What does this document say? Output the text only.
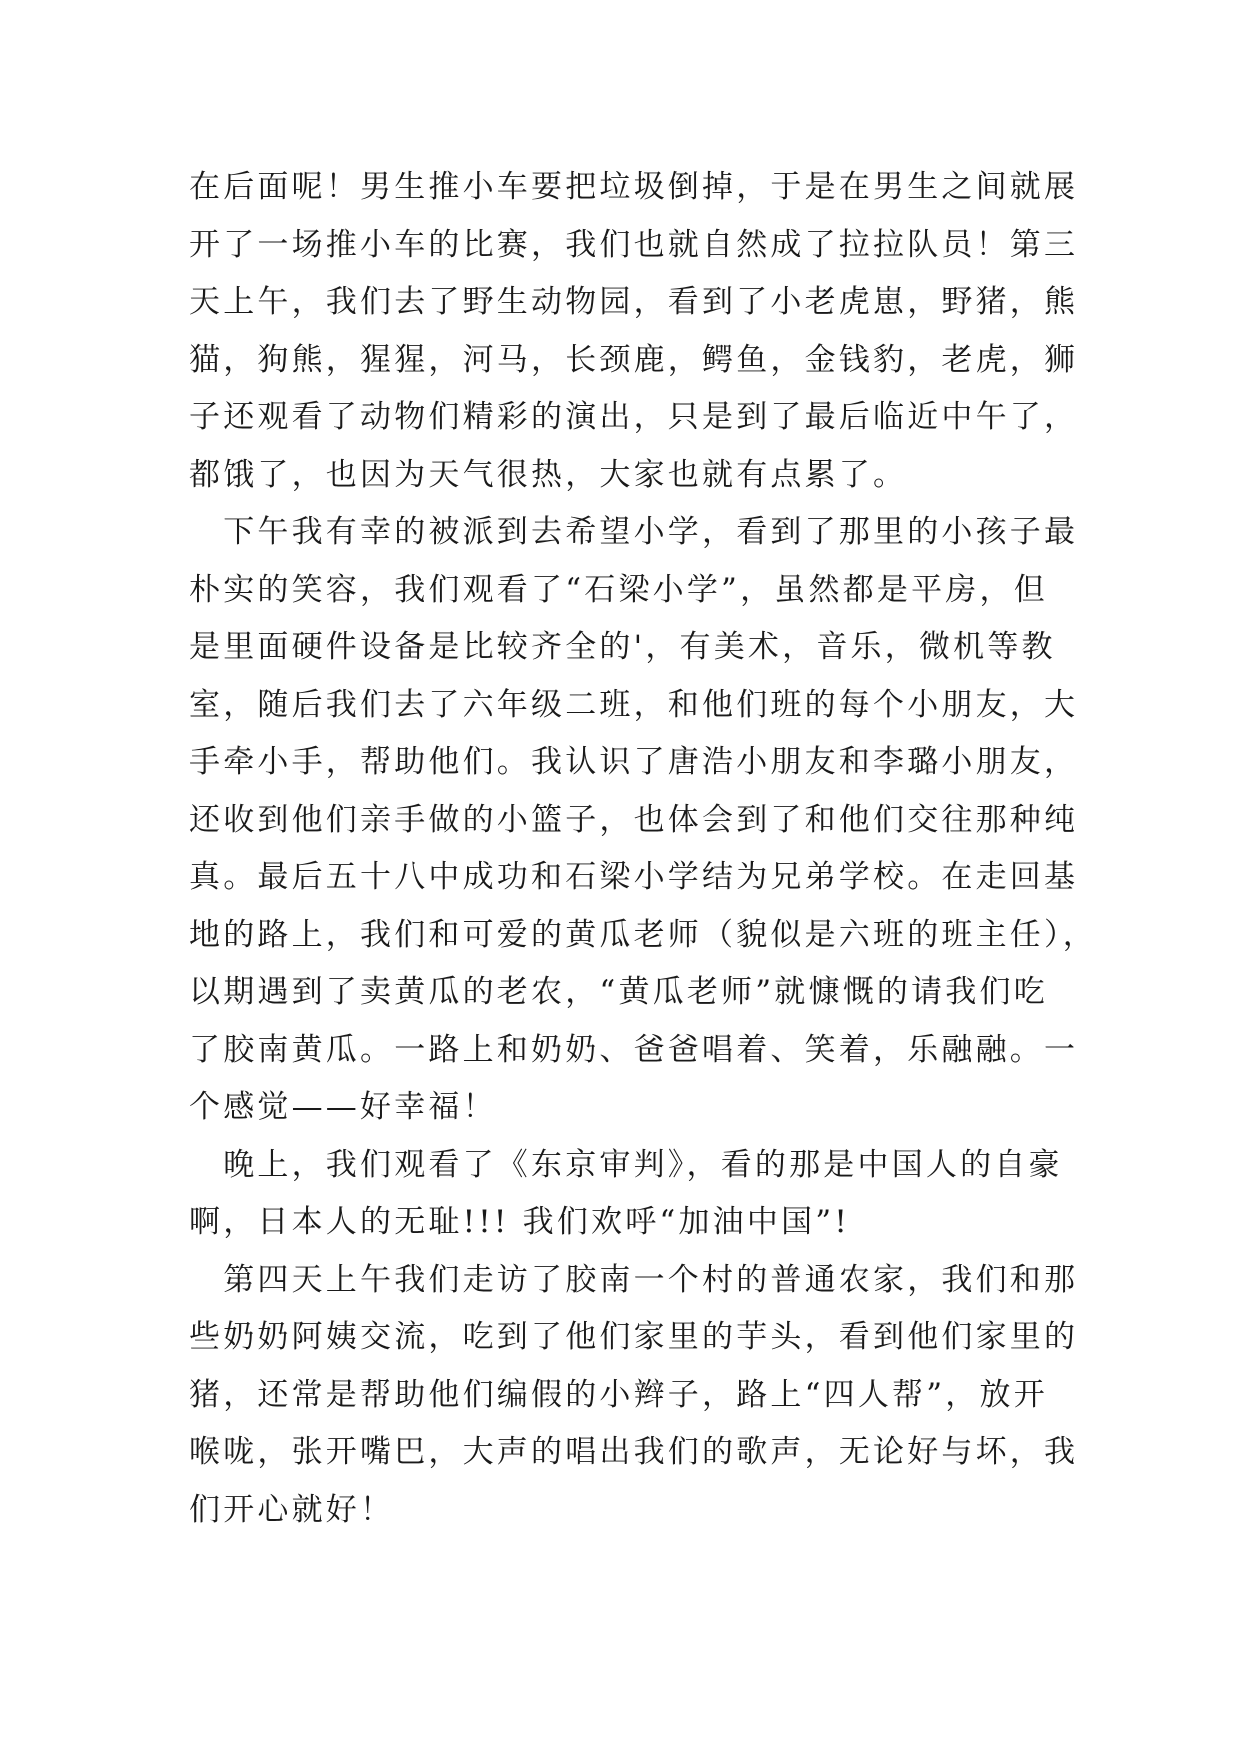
在后面呢！男生推小车要把垃圾倒掉，于是在男生之间就展
开了一场推小车的比赛，我们也就自然成了拉拉队员！第三
天上午，我们去了野生动物园，看到了小老虎崽，野猪，熊
猫，狗熊，猩猩，河马，长颈鹿，鳄鱼，金钱豹，老虎，狮
子还观看了动物们精彩的演出，只是到了最后临近中午了，
都饿了，也因为天气很热，大家也就有点累了。
　下午我有幸的被派到去希望小学，看到了那里的小孩子最
朴实的笑容，我们观看了“石梁小学”，虽然都是平房，但
是里面硬件设备是比较齐全的'，有美术，音乐，微机等教
室，随后我们去了六年级二班，和他们班的每个小朋友，大
手牵小手，帮助他们。我认识了唐浩小朋友和李璐小朋友，
还收到他们亲手做的小篮子，也体会到了和他们交往那种纯
真。最后五十八中成功和石梁小学结为兄弟学校。在走回基
地的路上，我们和可爱的黄瓜老师（貌似是六班的班主任），
以期遇到了卖黄瓜的老农，“黄瓜老师”就慷慨的请我们吃
了胶南黄瓜。一路上和奶奶、爸爸唱着、笑着，乐融融。一
个感觉——好幸福！
　晚上，我们观看了《东京审判》，看的那是中国人的自豪
啊，日本人的无耻!!! 我们欢呼“加油中国”!
　第四天上午我们走访了胶南一个村的普通农家，我们和那
些奶奶阿姨交流，吃到了他们家里的芋头，看到他们家里的
猪，还常是帮助他们编假的小辫子，路上“四人帮”，放开
喉咙，张开嘴巴，大声的唱出我们的歌声，无论好与坏，我
们开心就好！
